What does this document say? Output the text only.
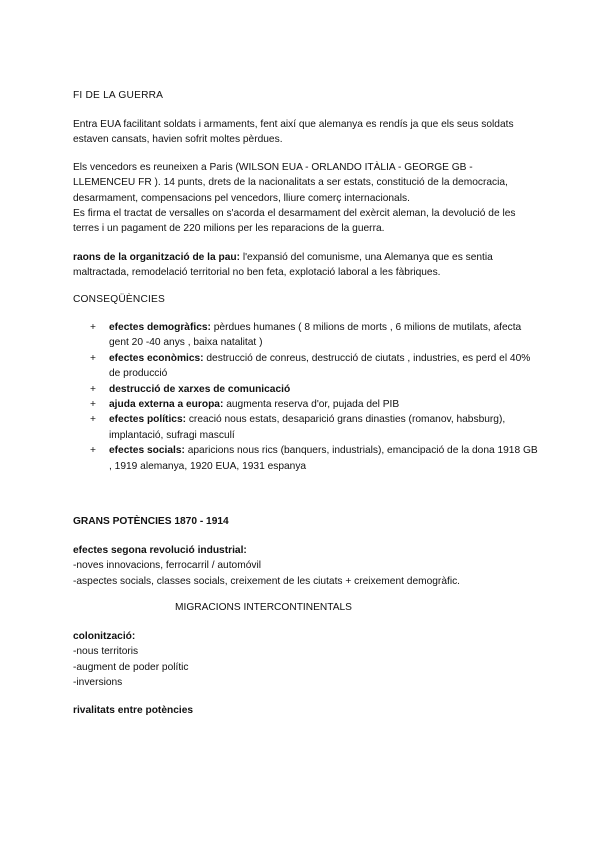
FI DE LA GUERRA
Entra EUA facilitant soldats i armaments, fent així que alemanya es rendís ja que els seus soldats estaven cansats, havien sofrit moltes pèrdues.
Els vencedors es reuneixen a Paris (WILSON EUA - ORLANDO ITÀLIA - GEORGE GB - LLEMENCEU FR ). 14 punts, drets de la nacionalitats a ser estats, constitució de la democracia, desarmament, compensacions pel vencedors, lliure comerç internacionals.
Es firma el tractat de versalles on s'acorda el desarmament del exèrcit aleman, la devolució de les terres i un pagament de 220 milions per les reparacions de la guerra.
raons de la organització de la pau: l'expansió del comunisme, una Alemanya que es sentia maltractada, remodelació territorial no ben feta, explotació laboral a les fàbriques.
CONSEQÜÈNCIES

+ efectes demogràfics: pèrdues humanes ( 8 milions de morts , 6 milions de mutilats, afecta gent 20 -40 anys , baixa natalitat )

+ efectes econòmics: destrucció de conreus, destrucció de ciutats , industries, es perd el 40% de producció

+ destrucció de xarxes de comunicació

+ ajuda externa a europa: augmenta reserva d'or, pujada del PIB

+ efectes polítics: creació nous estats, desaparició grans dinasties (romanov, habsburg), implantació, sufragi masculí

+ efectes socials: aparicions nous rics (banquers, industrials), emancipació de la dona 1918 GB , 1919 alemanya, 1920 EUA, 1931 espanya

GRANS POTÈNCIES 1870 - 1914
efectes segona revolució industrial:
-noves innovacions, ferrocarril / automóvil
-aspectes socials, classes socials, creixement de les ciutats + creixement demogràfic.
MIGRACIONS INTERCONTINENTALS
colonització:
-nous territoris
-augment de poder polític
-inversions
rivalitats entre potències
